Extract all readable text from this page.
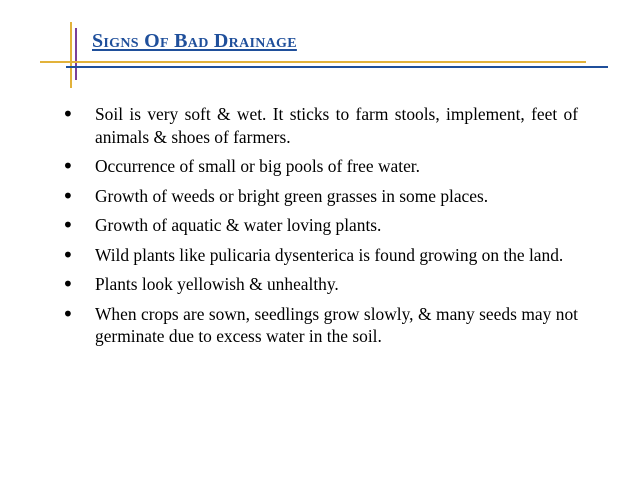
Signs Of Bad Drainage
•	Soil is very soft & wet. It sticks to farm stools, implement, feet of animals & shoes of farmers.
•	Occurrence of small or big pools of free water.
•	Growth of weeds or bright green grasses in some places.
•	Growth of aquatic & water loving plants.
•	Wild plants like pulicaria dysenterica is found growing on the land.
•	Plants look yellowish & unhealthy.
•	When crops are sown, seedlings grow slowly, & many seeds may not germinate due to excess water in the soil.
